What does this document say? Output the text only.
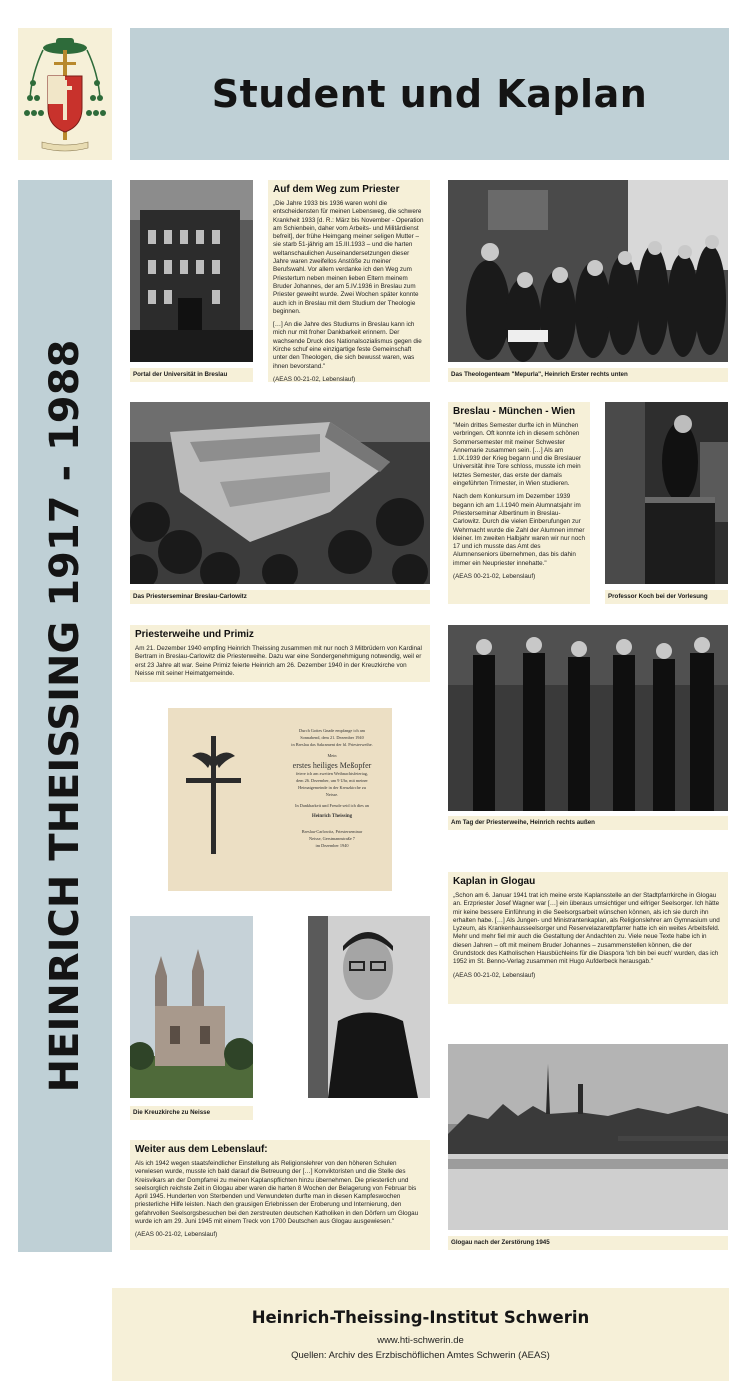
Student und Kaplan
HEINRICH THEISSING 1917 - 1988	Portal der Universität in Breslau
Auf dem Weg zum Priester

„Die Jahre 1933 bis 1936 waren wohl die entscheidensten für meinen Lebensweg, die schwere Krankheit 1933 [d. R.: März bis November - Operation am Schienbein, daher vom Arbeits- und Militärdienst befreit], der frühe Heimgang meiner seligen Mutter – sie starb 51-jährig am 15.III.1933 – und die harten weltanschaulichen Auseinandersetzungen dieser Jahre waren zweifellos Anstöße zu meiner Berufswahl. Vor allem verdanke ich den Weg zum Priestertum neben meinen lieben Eltern meinem Bruder Johannes, der am 5.IV.1936 in Breslau zum Priester geweiht wurde. Zwei Wochen später konnte auch ich in Breslau mit dem Studium der Theologie beginnen.

[…] An die Jahre des Studiums in Breslau kann ich mich nur mit froher Dankbarkeit erinnern. Der wachsende Druck des Nationalsozialismus gegen die Kirche schuf eine einzigartige feste Gemeinschaft unter den Theologen, die sich bewusst waren, was ihnen bevorstand."

(AEAS 00-21-02, Lebenslauf)
Das Theologenteam "Mepurla", Heinrich Erster rechts unten
Das Priesterseminar Breslau-Carlowitz
Breslau - München - Wien

"Mein drittes Semester durfte ich in München verbringen. Oft konnte ich in diesem schönen Sommersemester mit meiner Schwester Annemarie zusammen sein. […] Als am 1.IX.1939 der Krieg begann und die Breslauer Universität ihre Tore schloss, musste ich mein letztes Semester, das erste der damals eingeführten Trimester, in Wien studieren.

Nach dem Konkursum im Dezember 1939 begann ich am 1.I.1940 mein Alumnatsjahr im Priesterseminar Albertinum in Breslau-Carlowitz. Durch die vielen Einberufungen zur Wehrmacht wurde die Zahl der Alumnen immer kleiner. Im zweiten Halbjahr waren wir nur noch 17 und ich musste das Amt des Alumnenseniors übernehmen, das bis dahin immer ein Neupriester innehatte."

(AEAS 00-21-02, Lebenslauf)
Professor Koch bei der Vorlesung
Priesterweihe und Primiz

Am 21. Dezember 1940 empfing Heinrich Theissing zusammen mit nur noch 3 Mitbrüdern von Kardinal Bertram in Breslau-Carlowitz die Priesterweihe. Dazu war eine Sondergenehmigung notwendig, weil er erst 23 Jahre alt war. Seine Primiz feierte Heinrich am 26. Dezember 1940 in der Kreuzkirche von Neisse mit seiner Heimatgemeinde.

Durch Gottes Gnade empfange ich am
Sonnabend, dem 21. Dezember 1940
in Breslau das Sakrament der hl. Priesterweihe.
Mein
erstes heiliges Meßopfer
feiere ich am zweiten Weihnachtsfeiertag,
dem 26. Dezember, um 9 Uhr, mit meiner
Heimatgemeinde in der Kreuzkirche zu
Neisse.
In Dankbarkeit und Freude seid ich dies an
Heinrich Theissing
Breslau-Carlowitz, Priesterseminar
Neisse, Gerstmannstraße 7
im Dezember 1940
Am Tag der Priesterweihe, Heinrich rechts außen
Kaplan in Glogau

„Schon am 6. Januar 1941 trat ich meine erste Kaplansstelle an der Stadtpfarrkirche in Glogau an. Erzpriester Josef Wagner war […] ein überaus umsichtiger und eifriger Seelsorger. Ich hätte mir keine bessere Einführung in die Seelsorgsarbeit wünschen können, als ich sie durch ihn erhalten habe. […] Als Jungen- und Ministrantenkaplan, als Religionslehrer am Gymnasium und Lyzeum, als Krankenhausseelsorger und Reservelazarettpfarrer hatte ich ein weites Arbeitsfeld. Mehr und mehr fiel mir auch die Gestaltung der Andachten zu. Viele neue Texte habe ich in diesen Jahren – oft mit meinem Bruder Johannes – zusammenstellen können, die der Grundstock des Katholischen Hausbüchleins für die Diaspora 'Ich bin bei euch' wurden, das ich 1952 im St. Benno-Verlag zusammen mit Hugo Aufderbeck herausgab."

(AEAS 00-21-02, Lebenslauf)
Die Kreuzkirche zu Neisse
Weiter aus dem Lebenslauf:

Als ich 1942 wegen staatsfeindlicher Einstellung als Religionslehrer von den höheren Schulen verwiesen wurde, musste ich bald darauf die Betreuung der […] Konviktoristen und die Stelle des Kreisvikars an der Dompfarrei zu meinen Kaplanspflichten hinzu übernehmen. Die priesterlich und seelsorglich reichste Zeit in Glogau aber waren die harten 8 Wochen der Belagerung von Februar bis April 1945. Hunderten von Sterbenden und Verwundeten durfte man in diesen Kampfeswochen priesterliche Hilfe leisten. Nach den grausigen Erlebnissen der Eroberung und Internierung, den gefahrvollen Seelsorgsbesuchen bei den zerstreuten deutschen Katholiken in den Dörfern um Glogau wurde ich am 29. Juni 1945 mit einem Treck von 1700 Deutschen aus Glogau ausgewiesen."

(AEAS 00-21-02, Lebenslauf)
Glogau nach der Zerstörung 1945
Heinrich-Theissing-Institut Schwerin
www.hti-schwerin.de
Quellen: Archiv des Erzbischöflichen Amtes Schwerin (AEAS)
